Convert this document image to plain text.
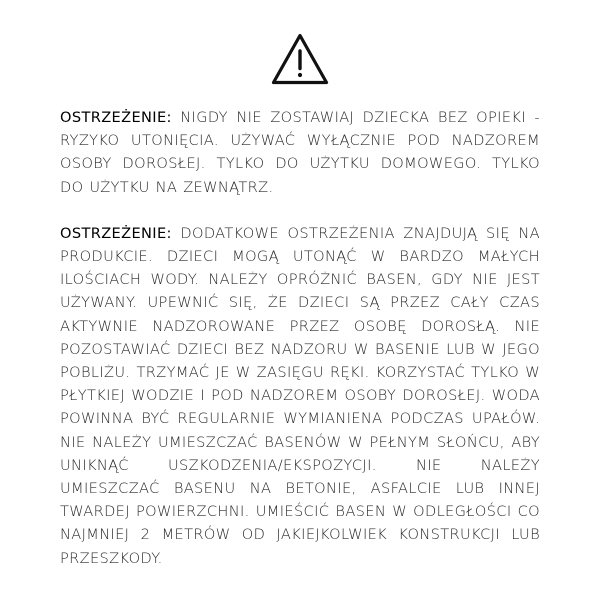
OSTRZEŻENIE: NIGDY NIE ZOSTAWIAJ DZIECKA BEZ OPIEKI - RYZYKO UTONIĘCIA. UŻYWAĆ WYŁĄCZNIE POD NADZOREM OSOBY DOROSŁEJ. TYLKO DO UŻYTKU DOMOWEGO. TYLKO DO UŻYTKU NA ZEWNĄTRZ.

OSTRZEŻENIE: DODATKOWE OSTRZEŻENIA ZNAJDUJĄ SIĘ NA PRODUKCIE. DZIECI MOGĄ UTONĄĆ W BARDZO MAŁYCH ILOŚCIACH WODY. NALEŻY OPRÓŻNIĆ BASEN, GDY NIE JEST UŻYWANY. UPEWNIĆ SIĘ, ŻE DZIECI SĄ PRZEZ CAŁY CZAS AKTYWNIE NADZOROWANE PRZEZ OSOBĘ DOROSŁĄ. NIE POZOSTAWIAĆ DZIECI BEZ NADZORU W BASENIE LUB W JEGO POBLIŻU. TRZYMAĆ JE W ZASIĘGU RĘKI. KORZYSTAĆ TYLKO W PŁYTKIEJ WODZIE I POD NADZOREM OSOBY DOROSŁEJ. WODA POWINNA BYĆ REGULARNIE WYMIANIENA PODCZAS UPAŁÓW. NIE NALEŻY UMIESZCZAĆ BASENÓW W PEŁNYM SŁOŃCU, ABY UNIKNĄĆ USZKODZENIA/EKSPOZYCJI. NIE NALEŻY UMIESZCZAĆ BASENU NA BETONIE, ASFALCIE LUB INNEJ TWARDEJ POWIERZCHNI. UMIEŚCIĆ BASEN W ODLEGŁOŚCI CO NAJMNIEJ 2 METRÓW OD JAKIEJKOLWIEK KONSTRUKCJI LUB PRZESZKODY.
